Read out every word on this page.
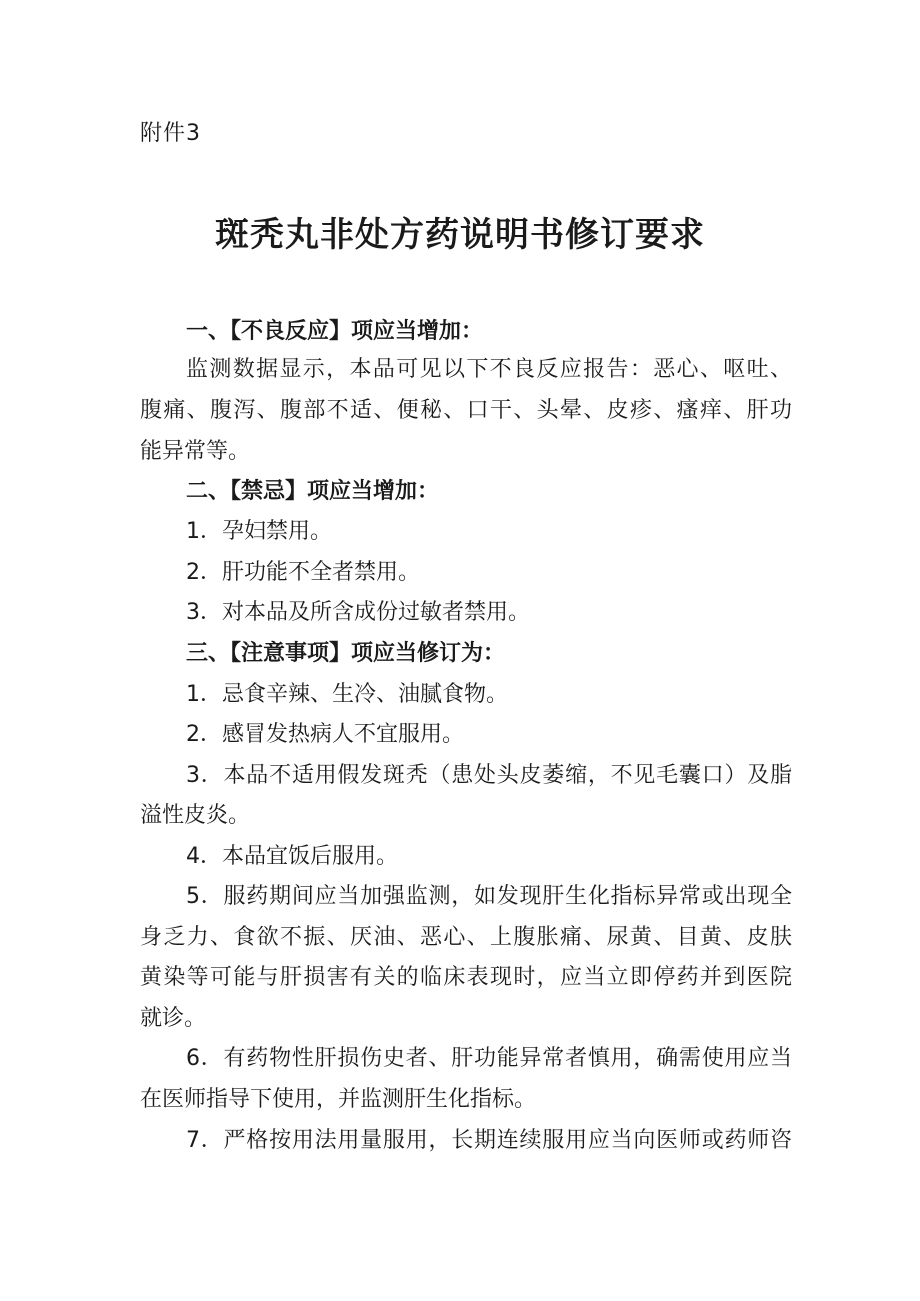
附件3
斑秃丸非处方药说明书修订要求
一、【不良反应】项应当增加：
监测数据显示，本品可见以下不良反应报告：恶心、呕吐、
腹痛、腹泻、腹部不适、便秘、口干、头晕、皮疹、瘙痒、肝功
能异常等。
二、【禁忌】项应当增加：
1．孕妇禁用。
2．肝功能不全者禁用。
3．对本品及所含成份过敏者禁用。
三、【注意事项】项应当修订为：
1．忌食辛辣、生冷、油腻食物。
2．感冒发热病人不宜服用。
3．本品不适用假发斑秃（患处头皮萎缩，不见毛囊口）及脂
溢性皮炎。
4．本品宜饭后服用。
5．服药期间应当加强监测，如发现肝生化指标异常或出现全
身乏力、食欲不振、厌油、恶心、上腹胀痛、尿黄、目黄、皮肤
黄染等可能与肝损害有关的临床表现时，应当立即停药并到医院
就诊。
6．有药物性肝损伤史者、肝功能异常者慎用，确需使用应当
在医师指导下使用，并监测肝生化指标。
7．严格按用法用量服用，长期连续服用应当向医师或药师咨
